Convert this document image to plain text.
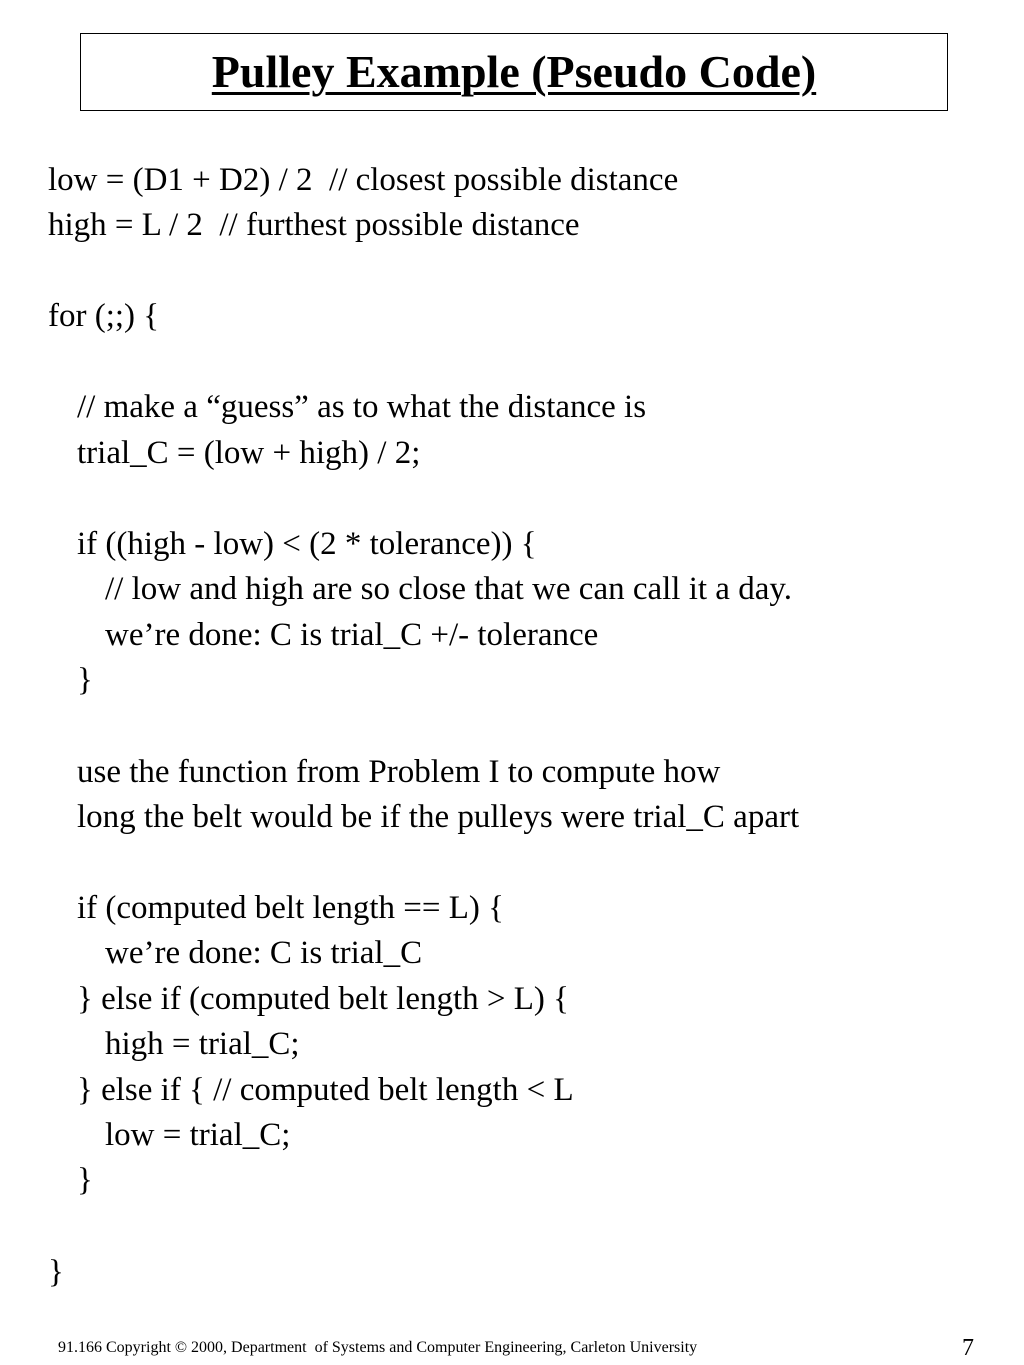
Pulley Example (Pseudo Code)
low = (D1 + D2) / 2  // closest possible distance
high = L / 2  // furthest possible distance
for (;;) {
// make a “guess” as to what the distance is
trial_C = (low + high) / 2;
if ((high - low) < (2 * tolerance)) {
// low and high are so close that we can call it a day.
we’re done: C is trial_C +/- tolerance
}
use the function from Problem I to compute how
long the belt would be if the pulleys were trial_C apart
if (computed belt length == L) {
we’re done: C is trial_C
} else if (computed belt length > L) {
high = trial_C;
} else if { // computed belt length < L
low = trial_C;
}
}
91.166 Copyright © 2000, Department  of Systems and Computer Engineering, Carleton University	7
